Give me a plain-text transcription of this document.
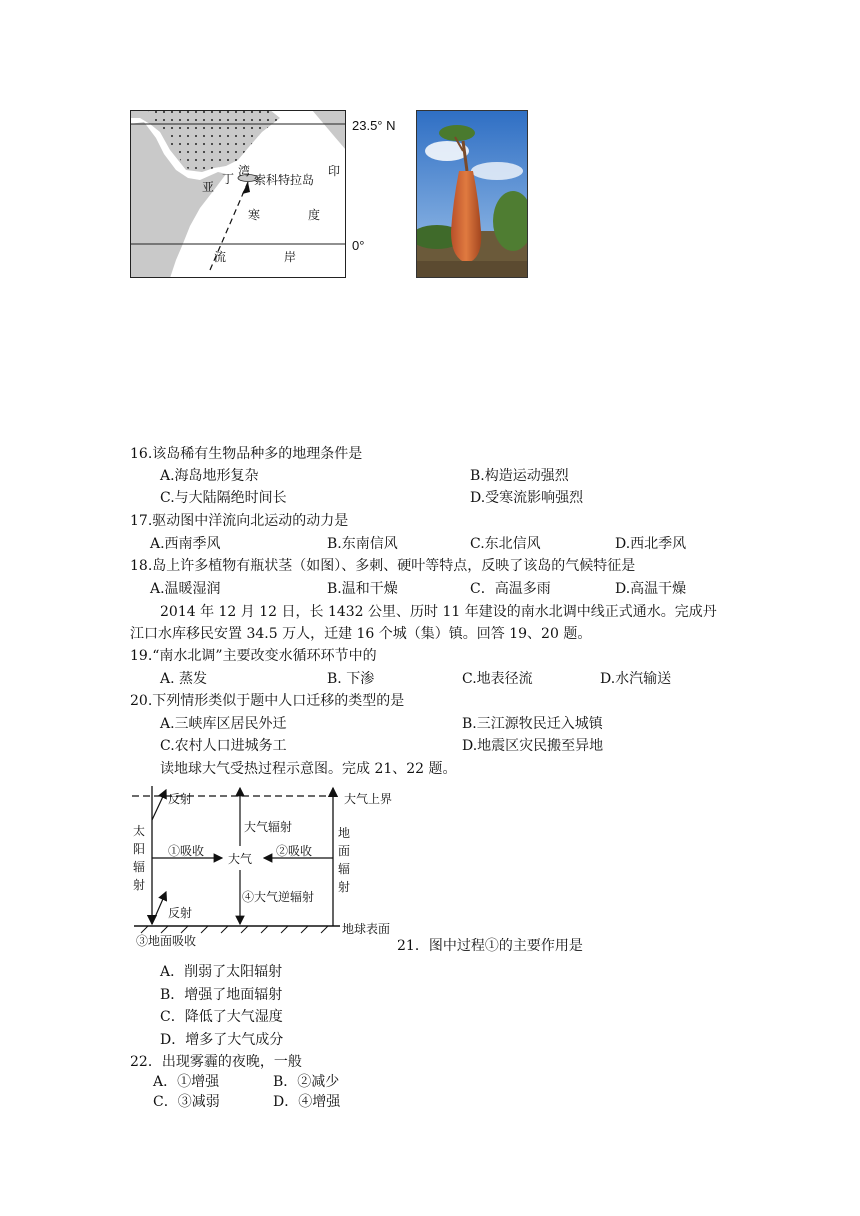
亚
丁
湾
索科特拉岛
印
度
寒
流	岸
23.5° N
0°
16.该岛稀有生物品种多的地理条件是
A.海岛地形复杂	B.构造运动强烈
C.与大陆隔绝时间长	D.受寒流影响强烈
17.驱动图中洋流向北运动的动力是
A.西南季风	B.东南信风	C.东北信风	D.西北季风
18.岛上许多植物有瓶状茎（如图）、多刺、硬叶等特点，反映了该岛的气候特征是
A.温暖湿润	B.温和干燥	C．高温多雨	D.高温干燥
2014 年 12 月 12 日，长 1432 公里、历时 11 年建设的南水北调中线正式通水。完成丹
江口水库移民安置 34.5 万人，迁建 16 个城（集）镇。回答 19、20 题。
19.“南水北调”主要改变水循环环节中的
A. 蒸发	B. 下渗	C.地表径流	D.水汽输送
20.下列情形类似于题中人口迁移的类型的是
A.三峡库区居民外迁	B.三江源牧民迁入城镇
C.农村人口进城务工	D.地震区灾民搬至异地
读地球大气受热过程示意图。完成 21、22 题。
反射
太
阳
辐
射
大气辐射
①吸收
大气
②吸收
地
面
辐
射
④大气逆辐射
反射
大气上界
地球表面
③地面吸收	21．图中过程①的主要作用是
A．削弱了太阳辐射
B．增强了地面辐射
C．降低了大气湿度
D．增多了大气成分
22．出现雾霾的夜晚，一般
A．①增强	B．②减少
C．③减弱	D．④增强
